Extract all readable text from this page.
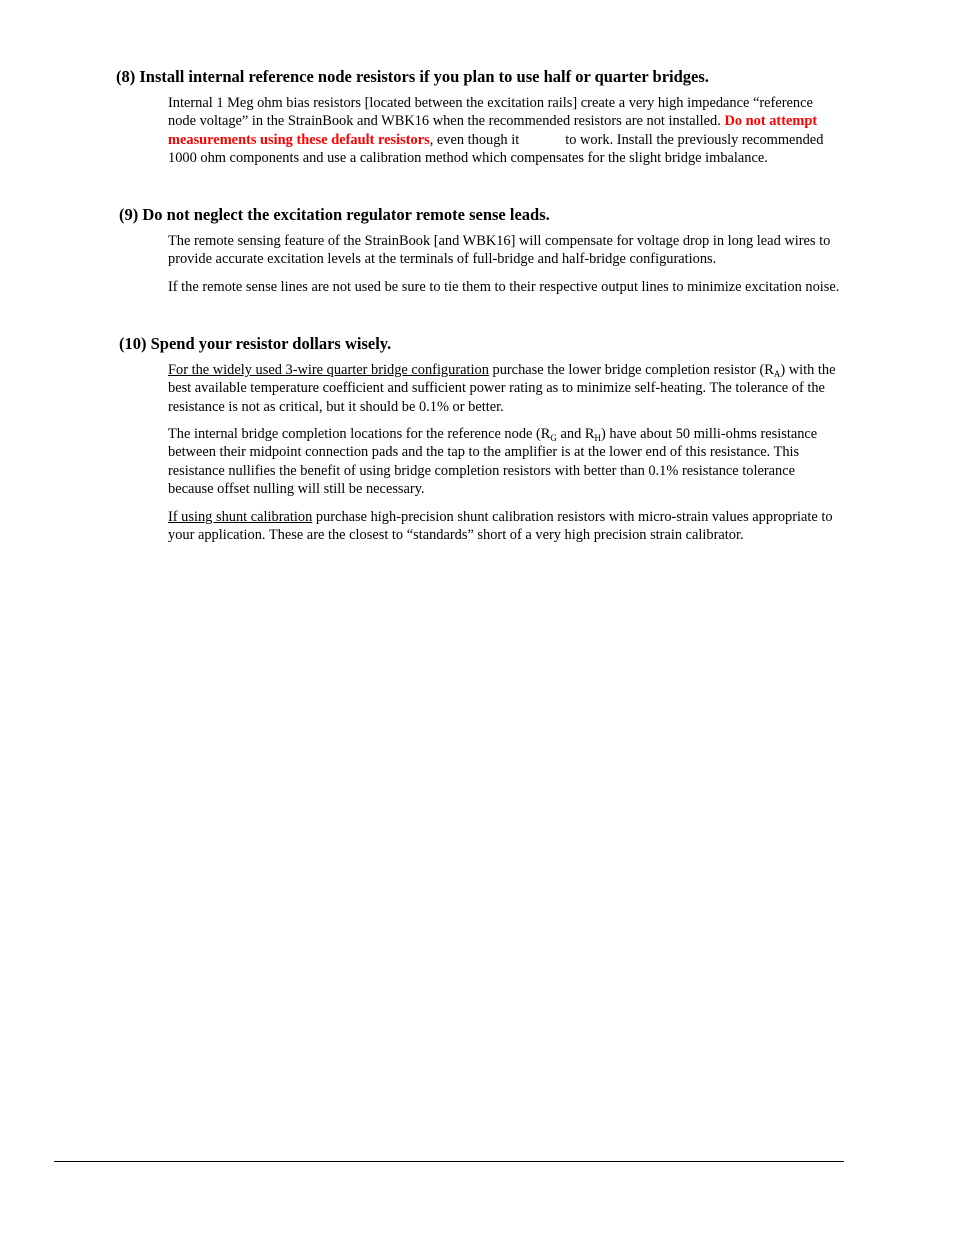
(8) Install internal reference node resistors if you plan to use half or quarter bridges.

Internal 1 Meg ohm bias resistors [located between the excitation rails] create a very high impedance “reference node voltage” in the StrainBook and WBK16 when the recommended resistors are not installed. Do not attempt measurements using these default resistors, even though it	to work. Install the previously recommended 1000 ohm components and use a calibration method which compensates for the slight bridge imbalance.

(9) Do not neglect the excitation regulator remote sense leads.

The remote sensing feature of the StrainBook [and WBK16] will compensate for voltage drop in long lead wires to provide accurate excitation levels at the terminals of full-bridge and half-bridge configurations.

If the remote sense lines are not used be sure to tie them to their respective output lines to minimize excitation noise.

(10) Spend your resistor dollars wisely.

For the widely used 3-wire quarter bridge configuration purchase the lower bridge completion resistor $(R_A)$ with the best available temperature coefficient and sufficient power rating as to minimize self-heating. The tolerance of the resistance is not as critical, but it should be 0.1% or better.

The internal bridge completion locations for the reference node ($R_G$ and $R_H$) have about 50 milli-ohms resistance between their midpoint connection pads and the tap to the amplifier is at the lower end of this resistance. This resistance nullifies the benefit of using bridge completion resistors with better than 0.1% resistance tolerance because offset nulling will still be necessary.

If using shunt calibration purchase high-precision shunt calibration resistors with micro-strain values appropriate to your application. These are the closest to “standards” short of a very high precision strain calibrator.
